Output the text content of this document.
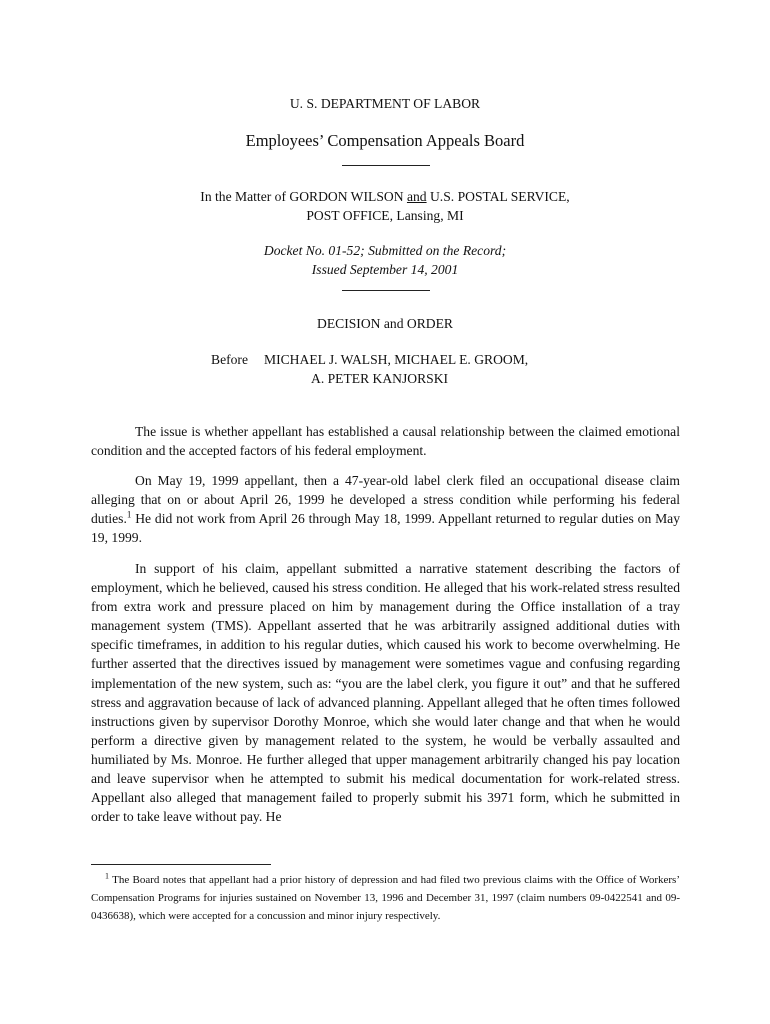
U. S. DEPARTMENT OF LABOR
Employees’ Compensation Appeals Board
In the Matter of GORDON WILSON and U.S. POSTAL SERVICE,
POST OFFICE, Lansing, MI
Docket No. 01-52; Submitted on the Record;
Issued September 14, 2001
DECISION and ORDER
Before MICHAEL J. WALSH, MICHAEL E. GROOM,
A. PETER KANJORSKI

The issue is whether appellant has established a causal relationship between the claimed emotional condition and the accepted factors of his federal employment.

On May 19, 1999 appellant, then a 47-year-old label clerk filed an occupational disease claim alleging that on or about April 26, 1999 he developed a stress condition while performing his federal duties.$^1$ He did not work from April 26 through May 18, 1999. Appellant returned to regular duties on May 19, 1999.

In support of his claim, appellant submitted a narrative statement describing the factors of employment, which he believed, caused his stress condition. He alleged that his work-related stress resulted from extra work and pressure placed on him by management during the Office installation of a tray management system (TMS). Appellant asserted that he was arbitrarily assigned additional duties with specific timeframes, in addition to his regular duties, which caused his work to become overwhelming. He further asserted that the directives issued by management were sometimes vague and confusing regarding implementation of the new system, such as: “you are the label clerk, you figure it out” and that he suffered stress and aggravation because of lack of advanced planning. Appellant alleged that he often times followed instructions given by supervisor Dorothy Monroe, which she would later change and that when he would perform a directive given by management related to the system, he would be verbally assaulted and humiliated by Ms. Monroe. He further alleged that upper management arbitrarily changed his pay location and leave supervisor when he attempted to submit his medical documentation for work-related stress. Appellant also alleged that management failed to properly submit his 3971 form, which he submitted in order to take leave without pay. He

$^1$ The Board notes that appellant had a prior history of depression and had filed two previous claims with the Office of Workers’ Compensation Programs for injuries sustained on November 13, 1996 and December 31, 1997 (claim numbers 09-0422541 and 09-0436638), which were accepted for a concussion and minor injury respectively.
